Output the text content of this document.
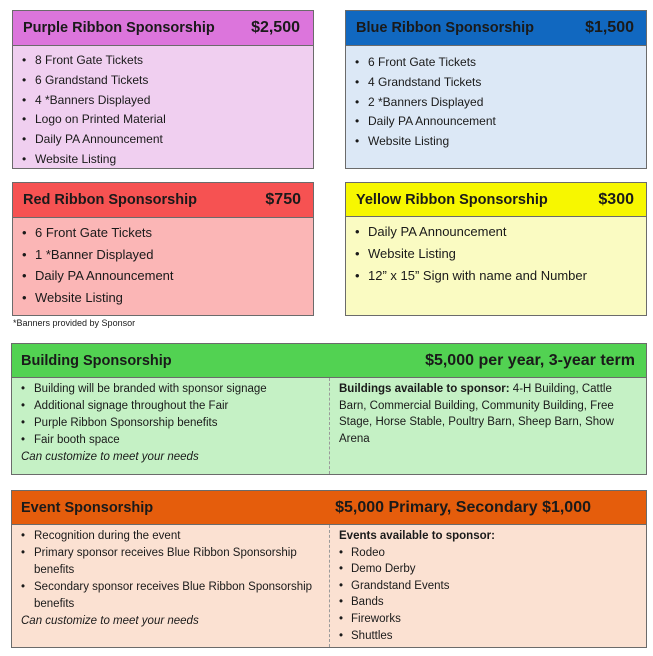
Purple Ribbon Sponsorship $2,500
• 8 Front Gate Tickets
• 6 Grandstand Tickets
• 4 *Banners Displayed
• Logo on Printed Material
• Daily PA Announcement
• Website Listing
Blue Ribbon Sponsorship	$1,500
• 6 Front Gate Tickets
• 4 Grandstand Tickets
• 2 *Banners Displayed
• Daily PA Announcement
• Website Listing
Red Ribbon Sponsorship	$750
• 6 Front Gate Tickets
• 1 *Banner Displayed
• Daily PA Announcement
• Website Listing
Yellow Ribbon Sponsorship	$300
• Daily PA Announcement
• Website Listing
• 12” x 15” Sign with name and Number
*Banners provided by Sponsor
Building Sponsorship	$5,000 per year, 3-year term
• Building will be branded with sponsor signage
• Additional signage throughout the Fair
• Purple Ribbon Sponsorship benefits
• Fair booth space
Can customize to meet your needs
Buildings available to sponsor: 4-H Building, Cattle Barn, Commercial Building, Community Building, Free Stage, Horse Stable, Poultry Barn, Sheep Barn, Show Arena
Event Sponsorship	$5,000 Primary, Secondary $1,000
• Recognition during the event
• Primary sponsor receives Blue Ribbon Sponsorship benefits
• Secondary sponsor receives Blue Ribbon Sponsorship benefits
Can customize to meet your needs
Events available to sponsor:
• Rodeo
• Demo Derby
• Grandstand Events
• Bands
• Fireworks
• Shuttles
